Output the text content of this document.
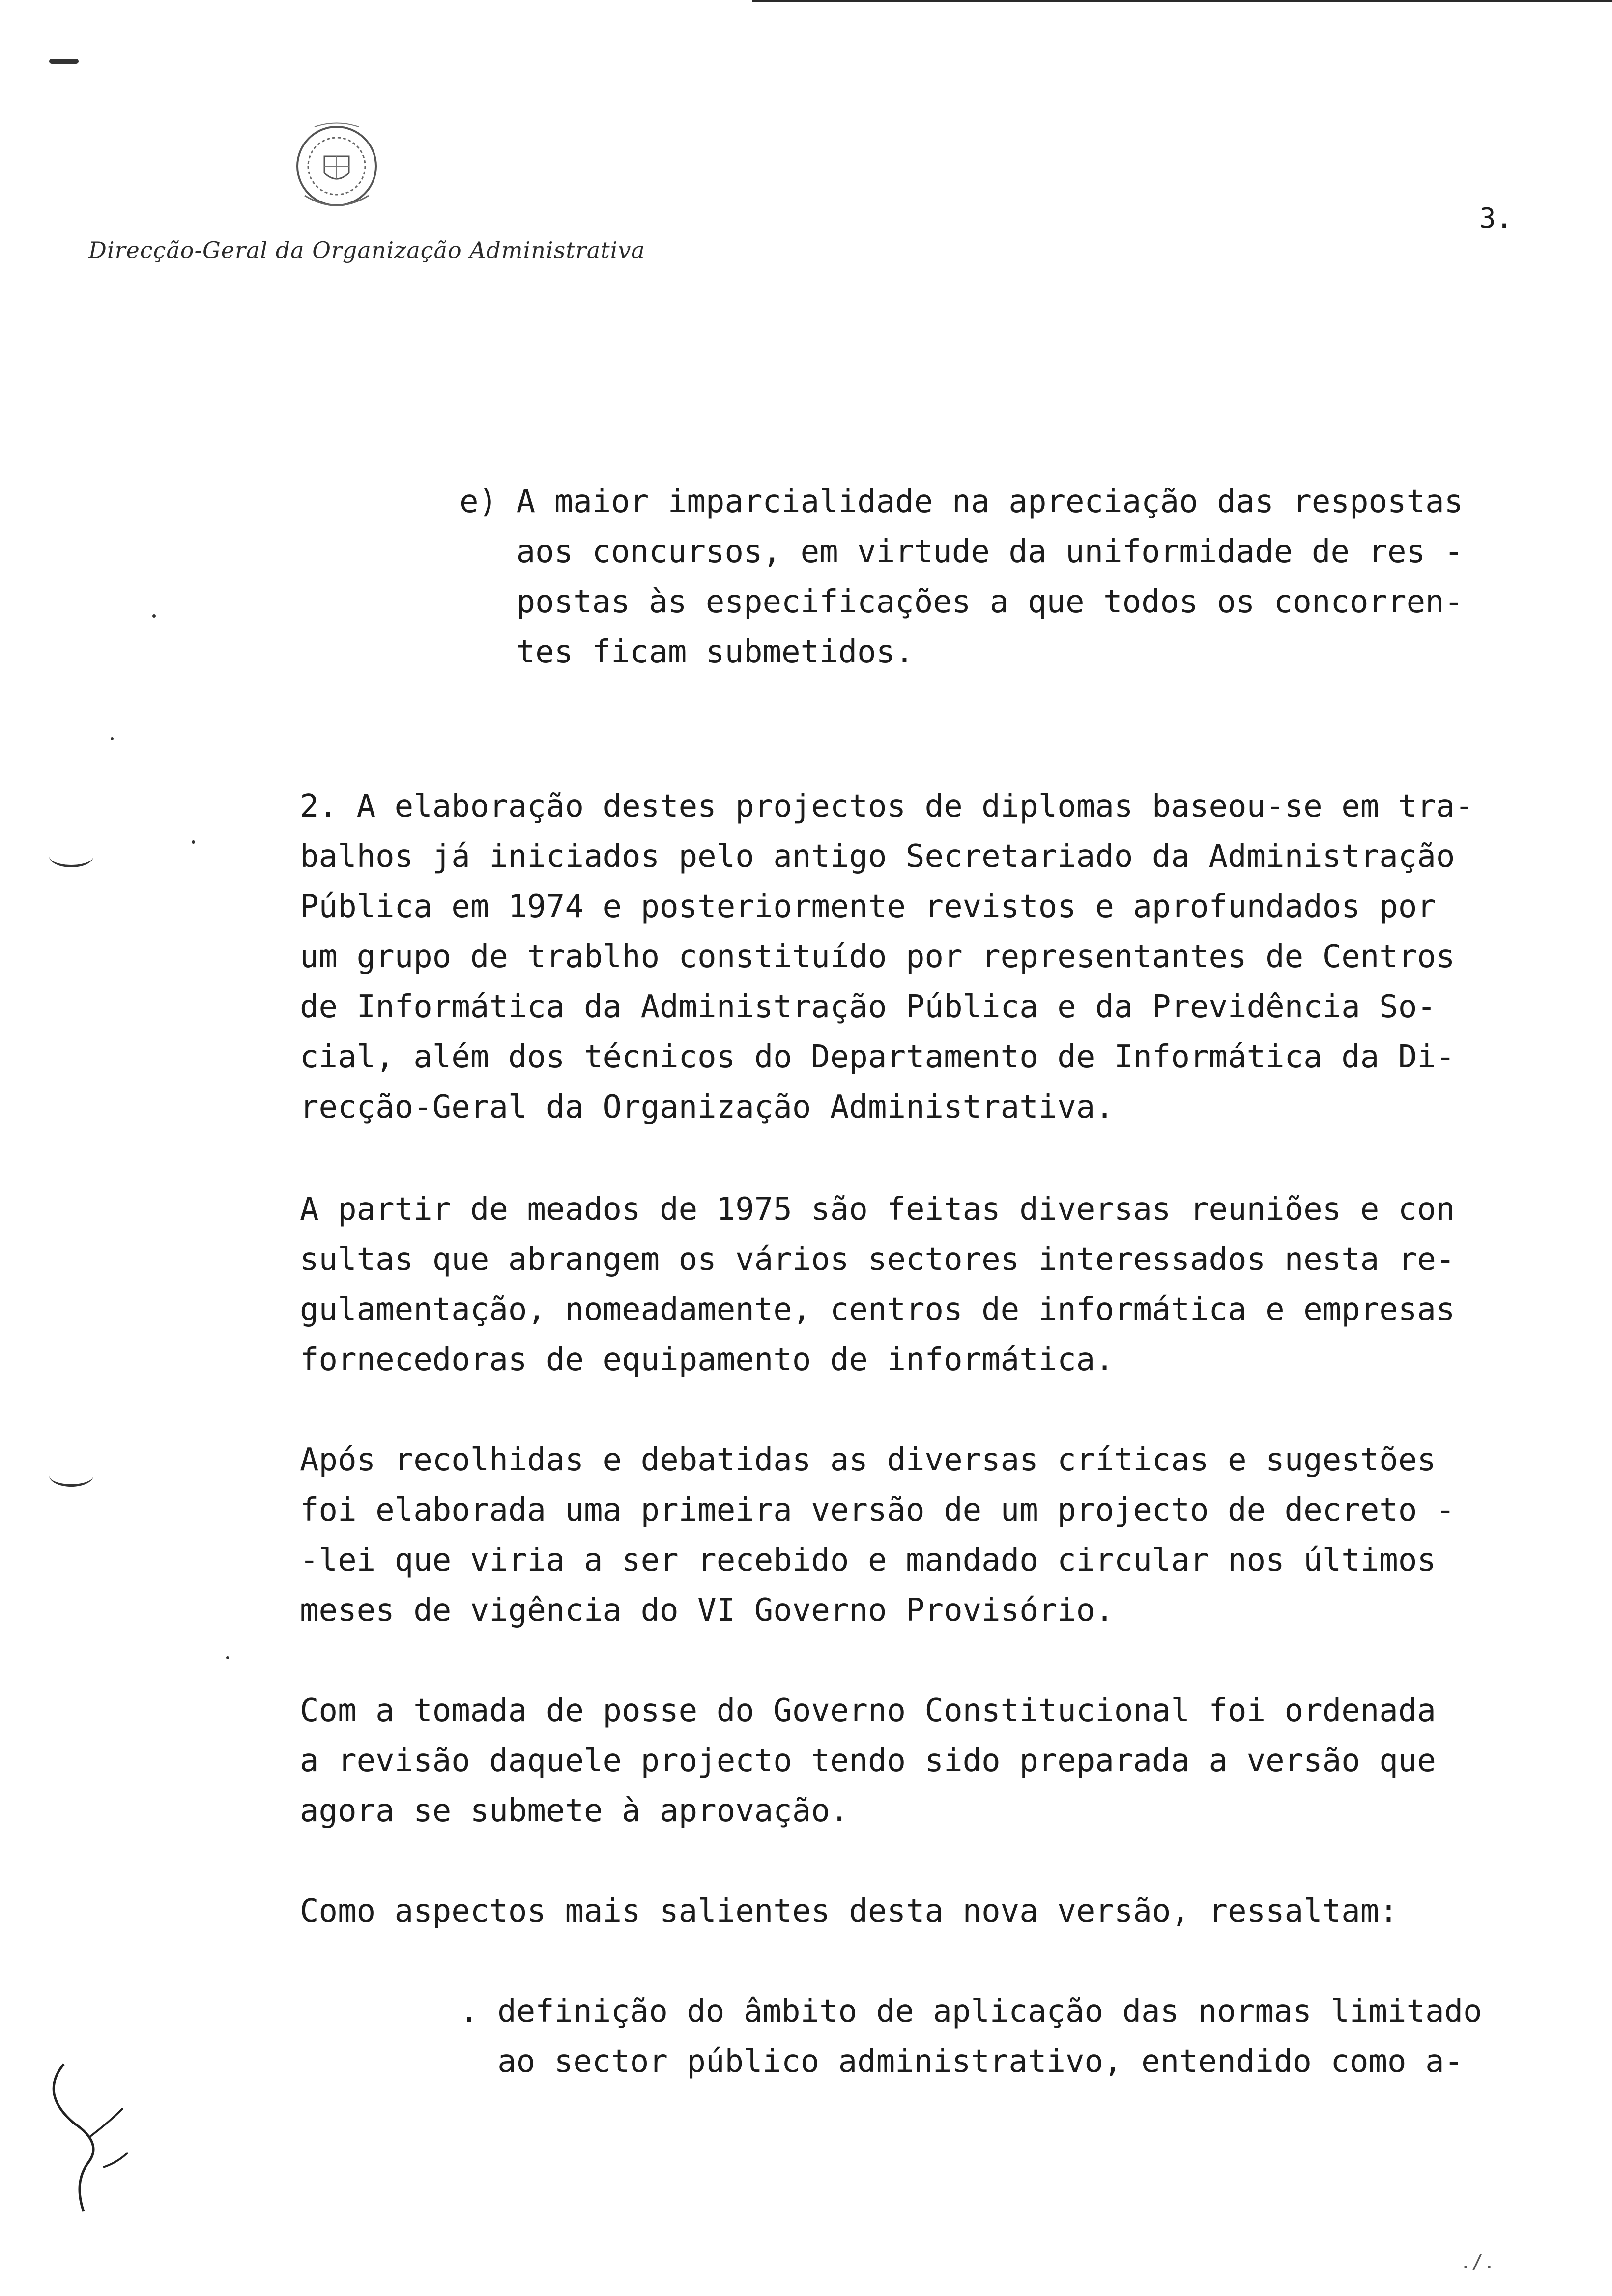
Direcção-Geral da Organização Administrativa
3.

e) A maior imparcialidade na apreciação das respostas
aos concursos, em virtude da uniformidade de res -
postas às especificações a que todos os concorren-
tes ficam submetidos.

2. A elaboração destes projectos de diplomas baseou-se em tra-
balhos já iniciados pelo antigo Secretariado da Administração
Pública em 1974 e posteriormente revistos e aprofundados por
um grupo de trablho constituído por representantes de Centros
de Informática da Administração Pública e da Previdência So-
cial, além dos técnicos do Departamento de Informática da Di-
recção-Geral da Organização Administrativa.

A partir de meados de 1975 são feitas diversas reuniões e con
sultas que abrangem os vários sectores interessados nesta re-
gulamentação, nomeadamente, centros de informática e empresas
fornecedoras de equipamento de informática.

Após recolhidas e debatidas as diversas críticas e sugestões
foi elaborada uma primeira versão de um projecto de decreto -
-lei que viria a ser recebido e mandado circular nos últimos
meses de vigência do VI Governo Provisório.

Com a tomada de posse do Governo Constitucional foi ordenada
a revisão daquele projecto tendo sido preparada a versão que
agora se submete à aprovação.

Como aspectos mais salientes desta nova versão, ressaltam:

. definição do âmbito de aplicação das normas limitado
ao sector público administrativo, entendido como a-

./.
